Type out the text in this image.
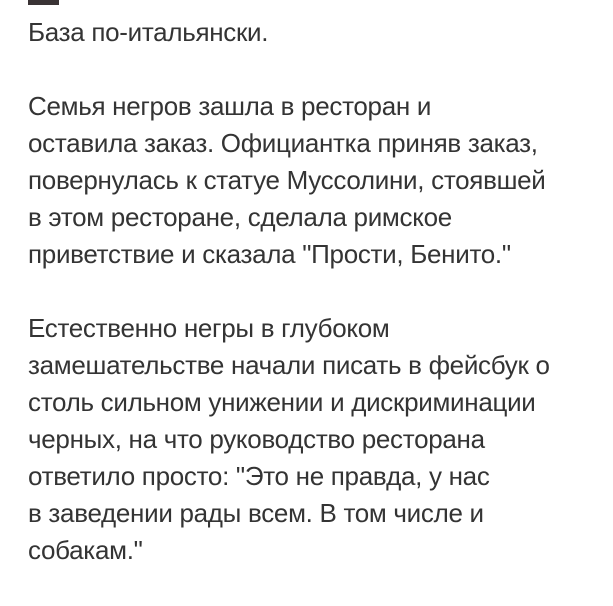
База по-итальянски.
Семья негров зашла в ресторан и
оставила заказ. Официантка приняв заказ,
повернулась к статуе Муссолини, стоявшей
в этом ресторане, сделала римское
приветствие и сказала "Прости, Бенито."
Естественно негры в глубоком
замешательстве начали писать в фейсбук о
столь сильном унижении и дискриминации
черных, на что руководство ресторана
ответило просто: "Это не правда, у нас
в заведении рады всем. В том числе и
собакам."
